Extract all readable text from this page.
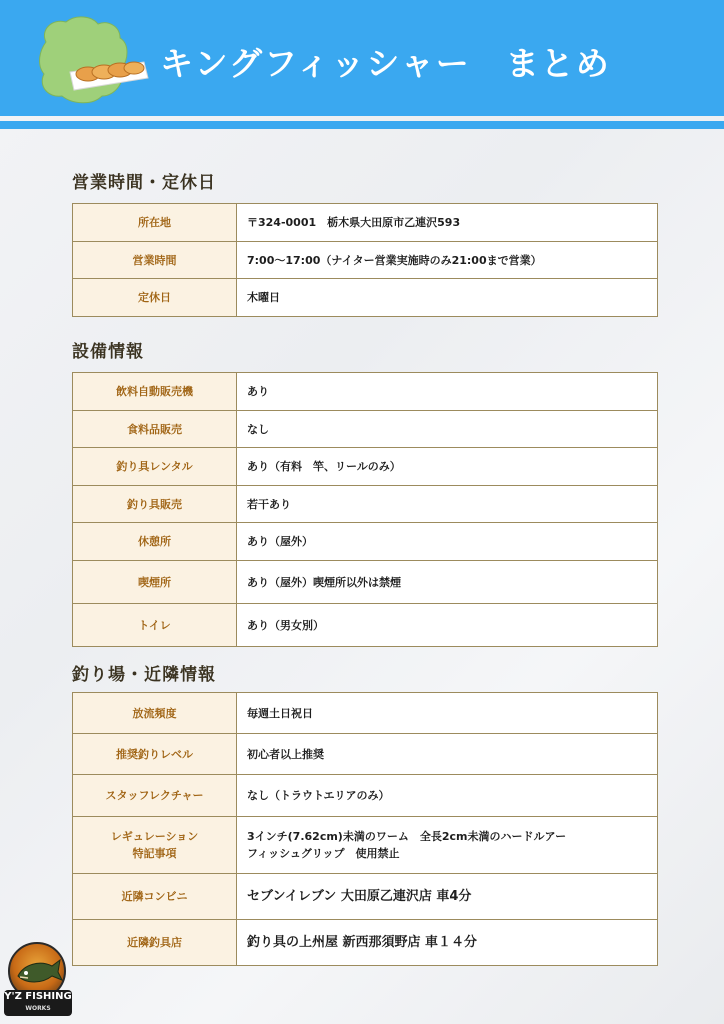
キングフィッシャー　まとめ
営業時間・定休日
所在地	〒324-0001　栃木県大田原市乙連沢593
営業時間	7:00～17:00（ナイター営業実施時のみ21:00まで営業）
定休日	木曜日
設備情報
飲料自動販売機	あり
食料品販売	なし
釣り具レンタル	あり（有料　竿、リールのみ）
釣り具販売	若干あり
休憩所	あり（屋外）
喫煙所	あり（屋外）喫煙所以外は禁煙
トイレ	あり（男女別）
釣り場・近隣情報
放流頻度	毎週土日祝日
推奨釣りレベル	初心者以上推奨
スタッフレクチャー	なし（トラウトエリアのみ）

レギュレーション
特記事項	3インチ(7.62cm)未満のワーム　全長2cm未満のハードルアー
フィッシュグリップ　使用禁止

近隣コンビニ	セブンイレブン 大田原乙連沢店 車4分
近隣釣具店	釣り具の上州屋 新西那須野店 車１４分
Y'Z FISHING
WORKS
